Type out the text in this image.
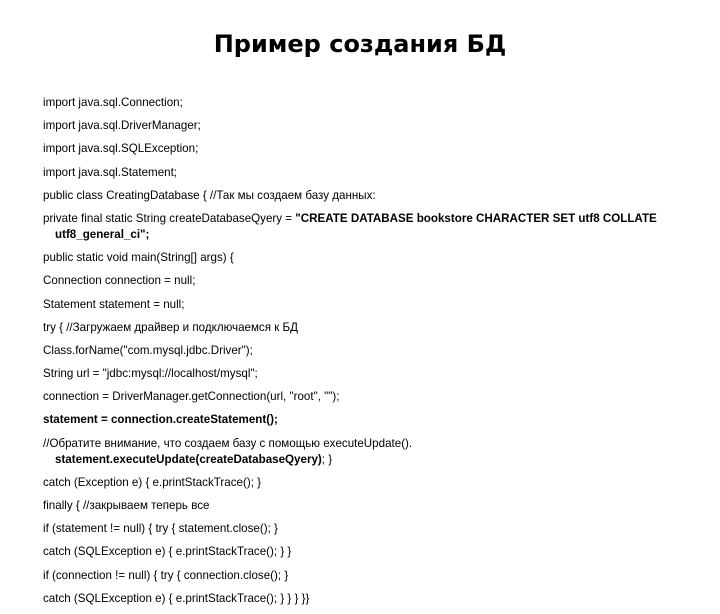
Пример создания БД
import java.sql.Connection;
import java.sql.DriverManager;
import java.sql.SQLException;
import java.sql.Statement;
public class CreatingDatabase { //Так мы создаем базу данных:
private final static String createDatabaseQyery = "CREATE DATABASE bookstore CHARACTER SET utf8 COLLATE
utf8_general_ci";
public static void main(String[] args) {
Connection connection = null;
Statement statement = null;
try { //Загружаем драйвер и подключаемся к БД
Class.forName("com.mysql.jdbc.Driver");
String url = "jdbc:mysql://localhost/mysql";
connection = DriverManager.getConnection(url, "root", "");
statement = connection.createStatement();
//Обратите внимание, что создаем базу с помощью executeUpdate().
statement.executeUpdate(createDatabaseQyery); }
catch (Exception e) { e.printStackTrace(); }
finally { //закрываем теперь все
if (statement != null) { try { statement.close(); }
catch (SQLException e) { e.printStackTrace(); } }
if (connection != null) { try { connection.close(); }
catch (SQLException e) { e.printStackTrace(); } } } }}
